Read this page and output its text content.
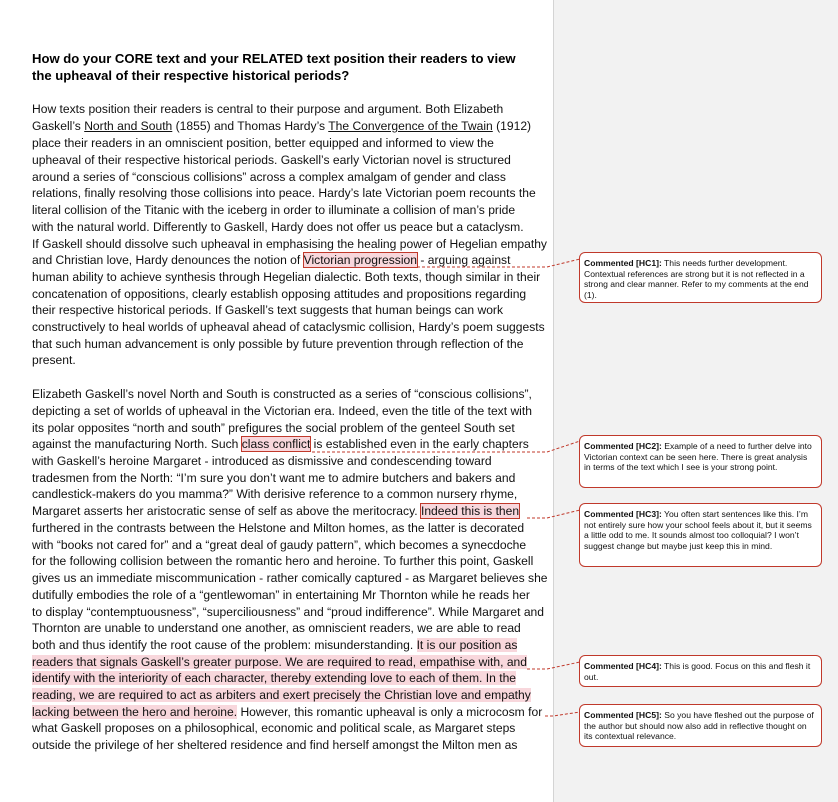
How do your CORE text and your RELATED text position their readers to view the upheaval of their respective historical periods?

How texts position their readers is central to their purpose and argument. Both Elizabeth
Gaskell’s North and South (1855) and Thomas Hardy’s The Convergence of the Twain (1912)
place their readers in an omniscient position, better equipped and informed to view the
upheaval of their respective historical periods. Gaskell’s early Victorian novel is structured
around a series of “conscious collisions” across a complex amalgam of gender and class
relations, finally resolving those collisions into peace. Hardy’s late Victorian poem recounts the
literal collision of the Titanic with the iceberg in order to illuminate a collision of man’s pride
with the natural world. Differently to Gaskell, Hardy does not offer us peace but a cataclysm.
If Gaskell should dissolve such upheaval in emphasising the healing power of Hegelian empathy
and Christian love, Hardy denounces the notion of Victorian progression - arguing against
human ability to achieve synthesis through Hegelian dialectic. Both texts, though similar in their
concatenation of oppositions, clearly establish opposing attitudes and propositions regarding
their respective historical periods. If Gaskell’s text suggests that human beings can work
constructively to heal worlds of upheaval ahead of cataclysmic collision, Hardy’s poem suggests
that such human advancement is only possible by future prevention through reflection of the
present.
Elizabeth Gaskell’s novel North and South is constructed as a series of “conscious collisions”,
depicting a set of worlds of upheaval in the Victorian era. Indeed, even the title of the text with
its polar opposites “north and south” prefigures the social problem of the genteel South set
against the manufacturing North. Such class conflict is established even in the early chapters
with Gaskell’s heroine Margaret - introduced as dismissive and condescending toward
tradesmen from the North: “I’m sure you don’t want me to admire butchers and bakers and
candlestick-makers do you mamma?” With derisive reference to a common nursery rhyme,
Margaret asserts her aristocratic sense of self as above the meritocracy. Indeed this is then
furthered in the contrasts between the Helstone and Milton homes, as the latter is decorated
with “books not cared for” and a “great deal of gaudy pattern”, which becomes a synecdoche
for the following collision between the romantic hero and heroine. To further this point, Gaskell
gives us an immediate miscommunication - rather comically captured - as Margaret believes she
dutifully embodies the role of a “gentlewoman” in entertaining Mr Thornton while he reads her
to display “contemptuousness”, “superciliousness” and “proud indifference”. While Margaret and
Thornton are unable to understand one another, as omniscient readers, we are able to read
both and thus identify the root cause of the problem: misunderstanding. It is our position as
readers that signals Gaskell’s greater purpose. We are required to read, empathise with, and
identify with the interiority of each character, thereby extending love to each of them. In the
reading, we are required to act as arbiters and exert precisely the Christian love and empathy
lacking between the hero and heroine. However, this romantic upheaval is only a microcosm for
what Gaskell proposes on a philosophical, economic and political scale, as Margaret steps
outside the privilege of her sheltered residence and find herself amongst the Milton men as
Commented [HC1]: This needs further development. Contextual references are strong but it is not reflected in a strong and clear manner. Refer to my comments at the end (1).
Commented [HC2]: Example of a need to further delve into Victorian context can be seen here. There is great analysis in terms of the text which I see is your strong point.
Commented [HC3]: You often start sentences like this. I’m not entirely sure how your school feels about it, but it seems a little odd to me. It sounds almost too colloquial? I won’t suggest change but maybe just keep this in mind.
Commented [HC4]: This is good. Focus on this and flesh it out.
Commented [HC5]: So you have fleshed out the purpose of the author but should now also add in reflective thought on its contextual relevance.
